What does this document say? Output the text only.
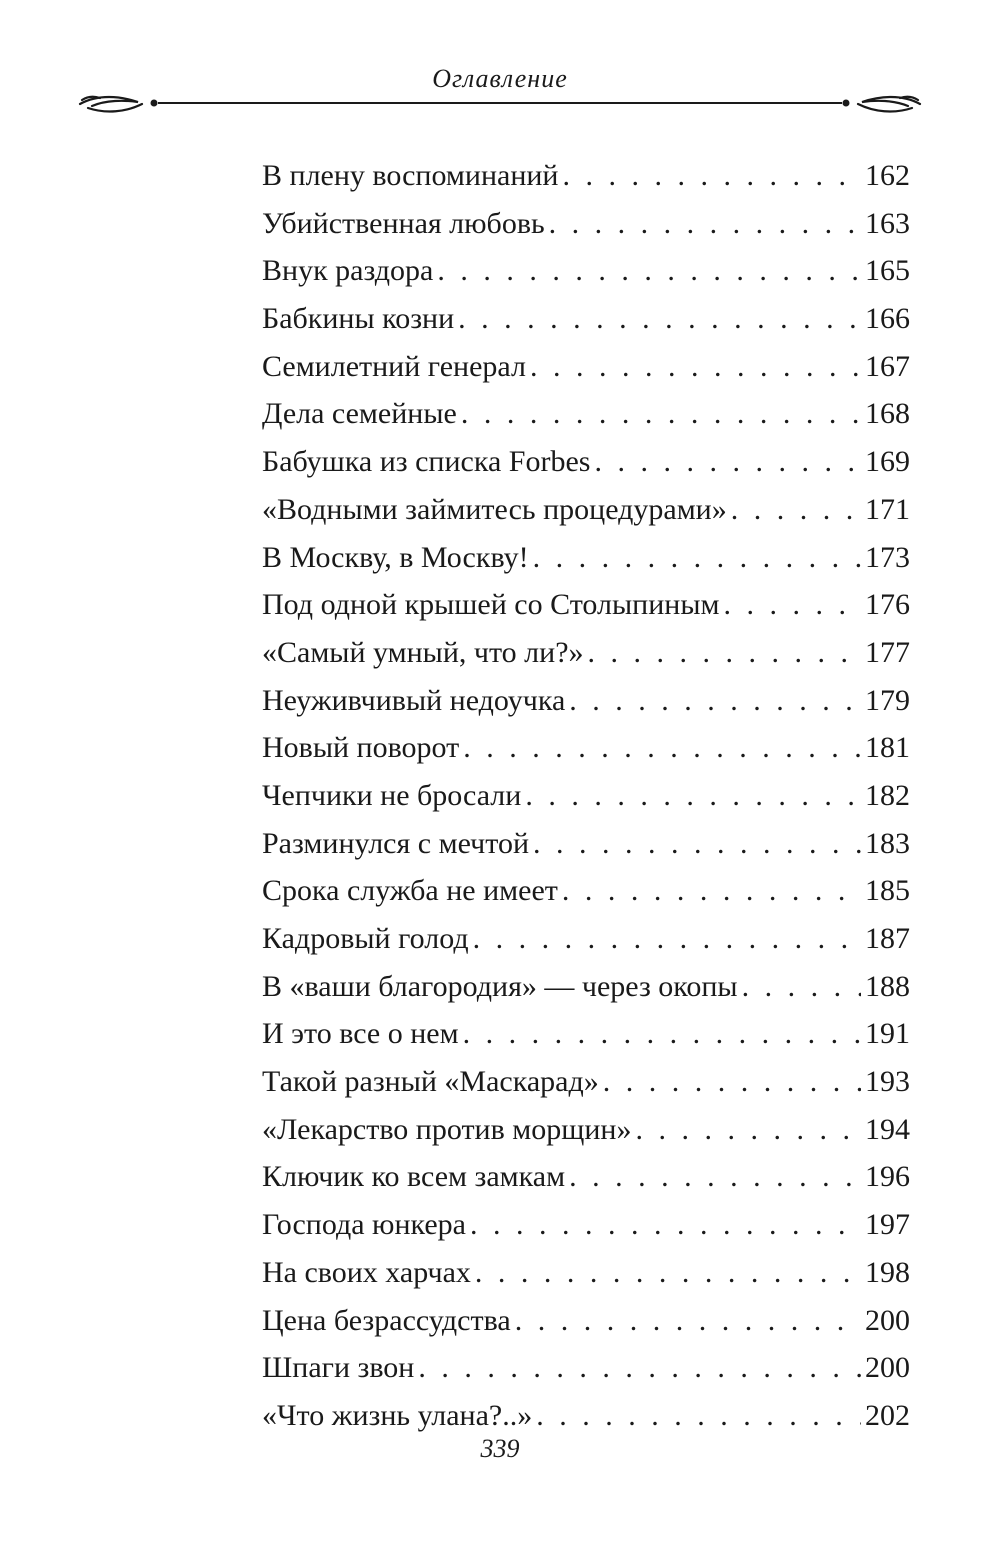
Оглавление
В плену воспоминаний . . .	162
Убийственная любовь . . .	163
Внук раздора . . .	165
Бабкины козни . . .	166
Семилетний генерал . . .	167
Дела семейные . . .	168
Бабушка из списка Forbes . . .	169
«Водными займитесь процедурами» . . .	171
В Москву, в Москву! . . .	173
Под одной крышей со Столыпиным . . .	176
«Самый умный, что ли?» . . .	177
Неуживчивый недоучка . . .	179
Новый поворот . . .	181
Чепчики не бросали . . .	182
Разминулся с мечтой . . .	183
Срока служба не имеет . . .	185
Кадровый голод . . .	187
В «ваши благородия» — через окопы . . .	188
И это все о нем . . .	191
Такой разный «Маскарад» . . .	193
«Лекарство против морщин» . . .	194
Ключик ко всем замкам . . .	196
Господа юнкера . . .	197
На своих харчах . . .	198
Цена безрассудства . . .	200
Шпаги звон . . .	200
«Что жизнь улана?..» . . .	202
339
